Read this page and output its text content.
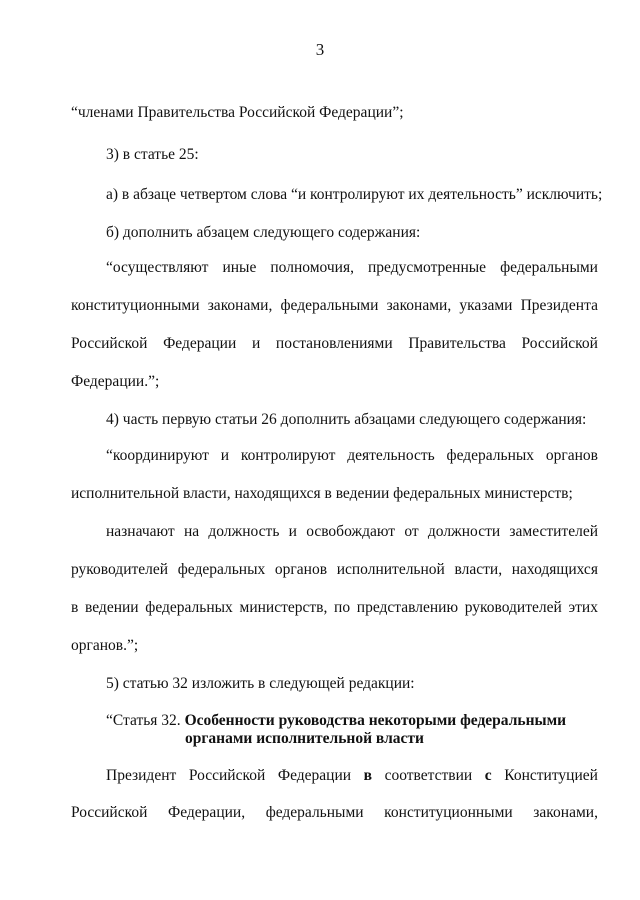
3
“членами Правительства Российской Федерации”;
3) в статье 25:
а) в абзаце четвертом слова “и контролируют их деятельность” исключить;
б) дополнить абзацем следующего содержания:
“осуществляют иные полномочия, предусмотренные федеральными
конституционными законами, федеральными законами, указами Президента
Российской Федерации и постановлениями Правительства Российской
Федерации.”;
4) часть первую статьи 26 дополнить абзацами следующего содержания:
“координируют и контролируют деятельность федеральных органов
исполнительной власти, находящихся в ведении федеральных министерств;
назначают на должность и освобождают от должности заместителей
руководителей федеральных органов исполнительной власти, находящихся
в ведении федеральных министерств, по представлению руководителей этих
органов.”;
5) статью 32 изложить в следующей редакции:
“Статья 32. Особенности руководства некоторыми федеральными
органами исполнительной власти
Президент Российской Федерации в соответствии с Конституцией
Российской Федерации, федеральными конституционными законами,
